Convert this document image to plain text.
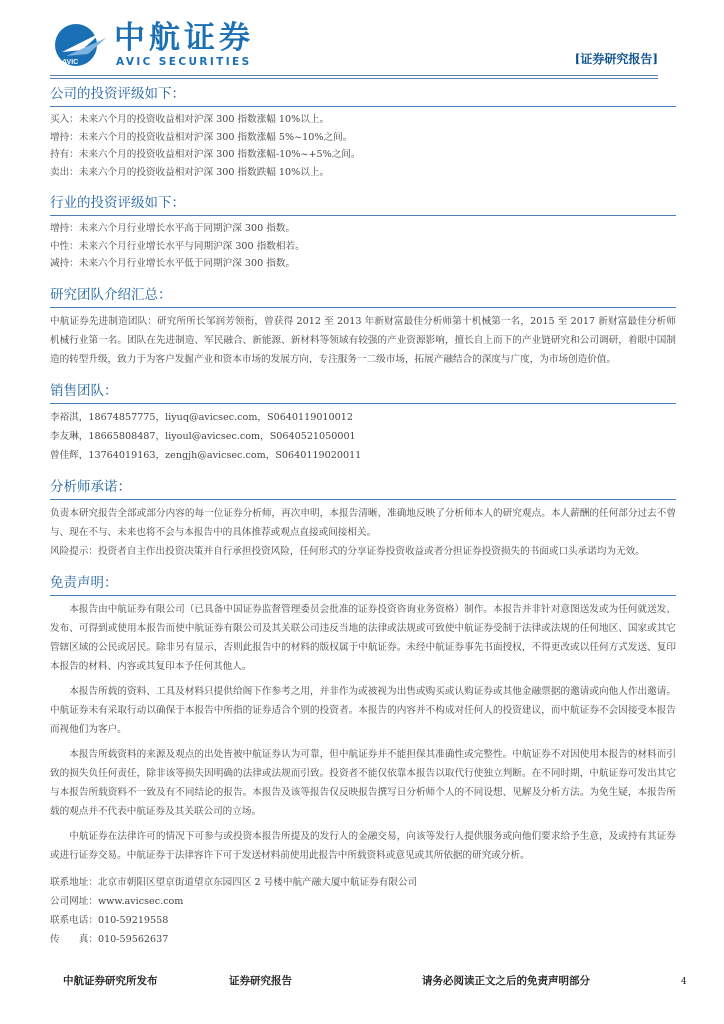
AVIC
中航证券
AVIC SECURITIES	[证券研究报告]
公司的投资评级如下：
买入：未来六个月的投资收益相对沪深 300 指数涨幅 10%以上。
增持：未来六个月的投资收益相对沪深 300 指数涨幅 5%~10%之间。
持有：未来六个月的投资收益相对沪深 300 指数涨幅-10%~+5%之间。
卖出：未来六个月的投资收益相对沪深 300 指数跌幅 10%以上。
行业的投资评级如下：
增持：未来六个月行业增长水平高于同期沪深 300 指数。
中性：未来六个月行业增长水平与同期沪深 300 指数相若。
减持：未来六个月行业增长水平低于同期沪深 300 指数。
研究团队介绍汇总：
中航证券先进制造团队：研究所所长邹润芳领衔，曾获得 2012 至 2013 年新财富最佳分析师第十机械第一名，2015 至 2017 新财富最佳分析师机械行业第一名。团队在先进制造、军民融合、新能源、新材料等领域有较强的产业资源影响，擅长自上而下的产业链研究和公司调研，着眼中国制造的转型升级，致力于为客户发掘产业和资本市场的发展方向，专注服务一二级市场，拓展产融结合的深度与广度，为市场创造价值。
销售团队：
李裕淇，18674857775，liyuq@avicsec.com，S0640119010012
李友琳，18665808487，liyoul@avicsec.com，S0640521050001
曾佳辉，13764019163，zengjh@avicsec.com，S0640119020011
分析师承诺：
负责本研究报告全部或部分内容的每一位证券分析师，再次申明，本报告清晰、准确地反映了分析师本人的研究观点。本人薪酬的任何部分过去不曾与、现在不与、未来也将不会与本报告中的具体推荐或观点直接或间接相关。
风险提示：投资者自主作出投资决策并自行承担投资风险，任何形式的分享证券投资收益或者分担证券投资损失的书面或口头承诺均为无效。
免责声明：
本报告由中航证券有限公司（已具备中国证券监督管理委员会批准的证券投资咨询业务资格）制作。本报告并非针对意图送发或为任何就送发、发布、可得到或使用本报告而使中航证券有限公司及其关联公司违反当地的法律或法规或可致使中航证券受制于法律或法规的任何地区、国家或其它管辖区域的公民或居民。除非另有显示，否则此报告中的材料的版权属于中航证券。未经中航证券事先书面授权，不得更改或以任何方式发送、复印本报告的材料、内容或其复印本予任何其他人。
本报告所载的资料、工具及材料只提供给阁下作参考之用，并非作为或被视为出售或购买或认购证券或其他金融票据的邀请或向他人作出邀请。中航证券未有采取行动以确保于本报告中所指的证券适合个别的投资者。本报告的内容并不构成对任何人的投资建议，而中航证券不会因接受本报告而视他们为客户。
本报告所载资料的来源及观点的出处皆被中航证券认为可靠，但中航证券并不能担保其准确性或完整性。中航证券不对因使用本报告的材料而引致的损失负任何责任，除非该等损失因明确的法律或法规而引致。投资者不能仅依靠本报告以取代行使独立判断。在不同时期，中航证券可发出其它与本报告所载资料不一致及有不同结论的报告。本报告及该等报告仅反映报告撰写日分析师个人的不同设想、见解及分析方法。为免生疑，本报告所载的观点并不代表中航证券及其关联公司的立场。
中航证券在法律许可的情况下可参与或投资本报告所提及的发行人的金融交易，向该等发行人提供服务或向他们要求给予生意，及或持有其证券或进行证券交易。中航证券于法律容许下可于发送材料前使用此报告中所载资料或意见或其所依据的研究或分析。
联系地址：北京市朝阳区望京街道望京东园四区 2 号楼中航产融大厦中航证券有限公司
公司网址：www.avicsec.com
联系电话：010-59219558
传　　真：010-59562637
中航证券研究所发布	证券研究报告	请务必阅读正文之后的免责声明部分	4
